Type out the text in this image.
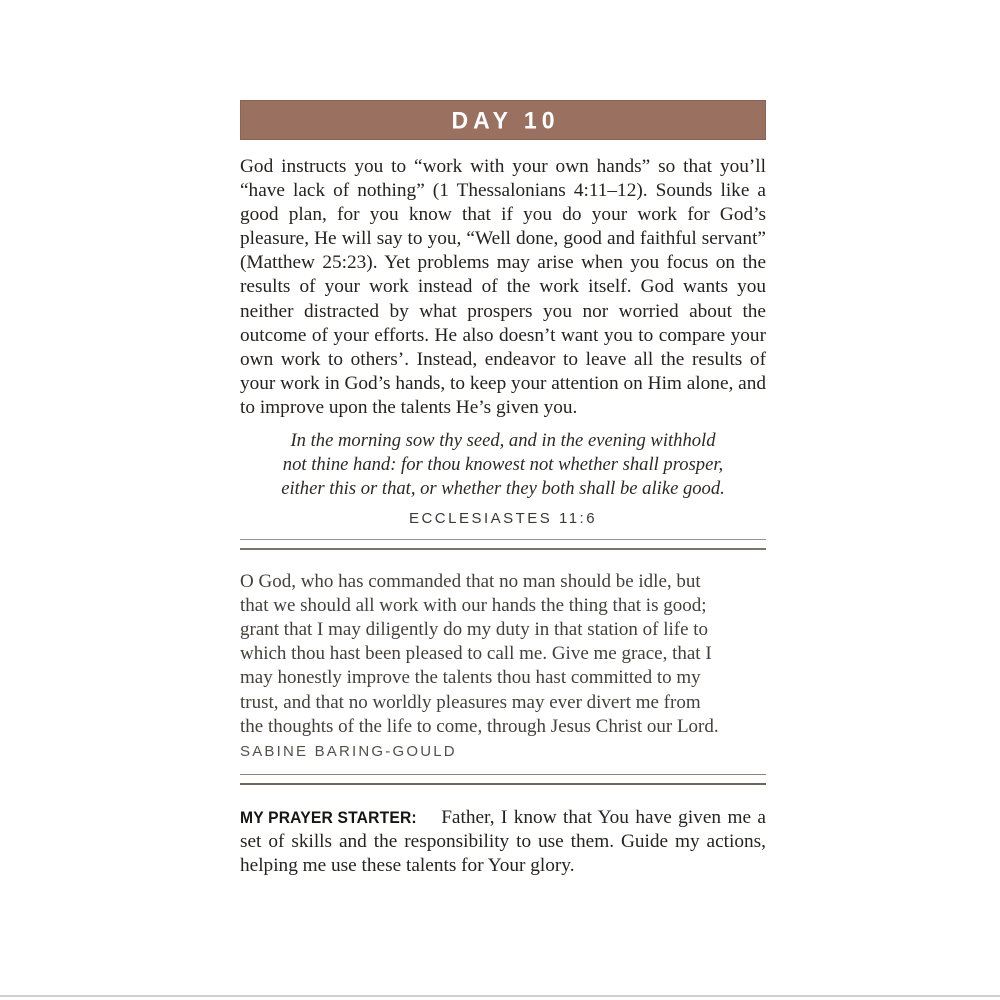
DAY 10

God instructs you to “work with your own hands” so that you’ll “have lack of nothing” (1 Thessalonians 4:11–12). Sounds like a good plan, for you know that if you do your work for God’s pleasure, He will say to you, “Well done, good and faithful servant” (Matthew 25:23). Yet problems may arise when you focus on the results of your work instead of the work itself. God wants you neither distracted by what prospers you nor worried about the outcome of your efforts. He also doesn’t want you to compare your own work to others’. Instead, endeavor to leave all the results of your work in God’s hands, to keep your attention on Him alone, and to improve upon the talents He’s given you.

In the morning sow thy seed, and in the evening withhold
not thine hand: for thou knowest not whether shall prosper,
either this or that, or whether they both shall be alike good.
ECCLESIASTES 11:6

O God, who has commanded that no man should be idle, but that we should all work with our hands the thing that is good; grant that I may diligently do my duty in that station of life to which thou hast been pleased to call me. Give me grace, that I may honestly improve the talents thou hast committed to my trust, and that no worldly pleasures may ever divert me from the thoughts of the life to come, through Jesus Christ our Lord.

SABINE BARING-GOULD

MY PRAYER STARTER: Father, I know that You have given me a set of skills and the responsibility to use them. Guide my actions, helping me use these talents for Your glory.
